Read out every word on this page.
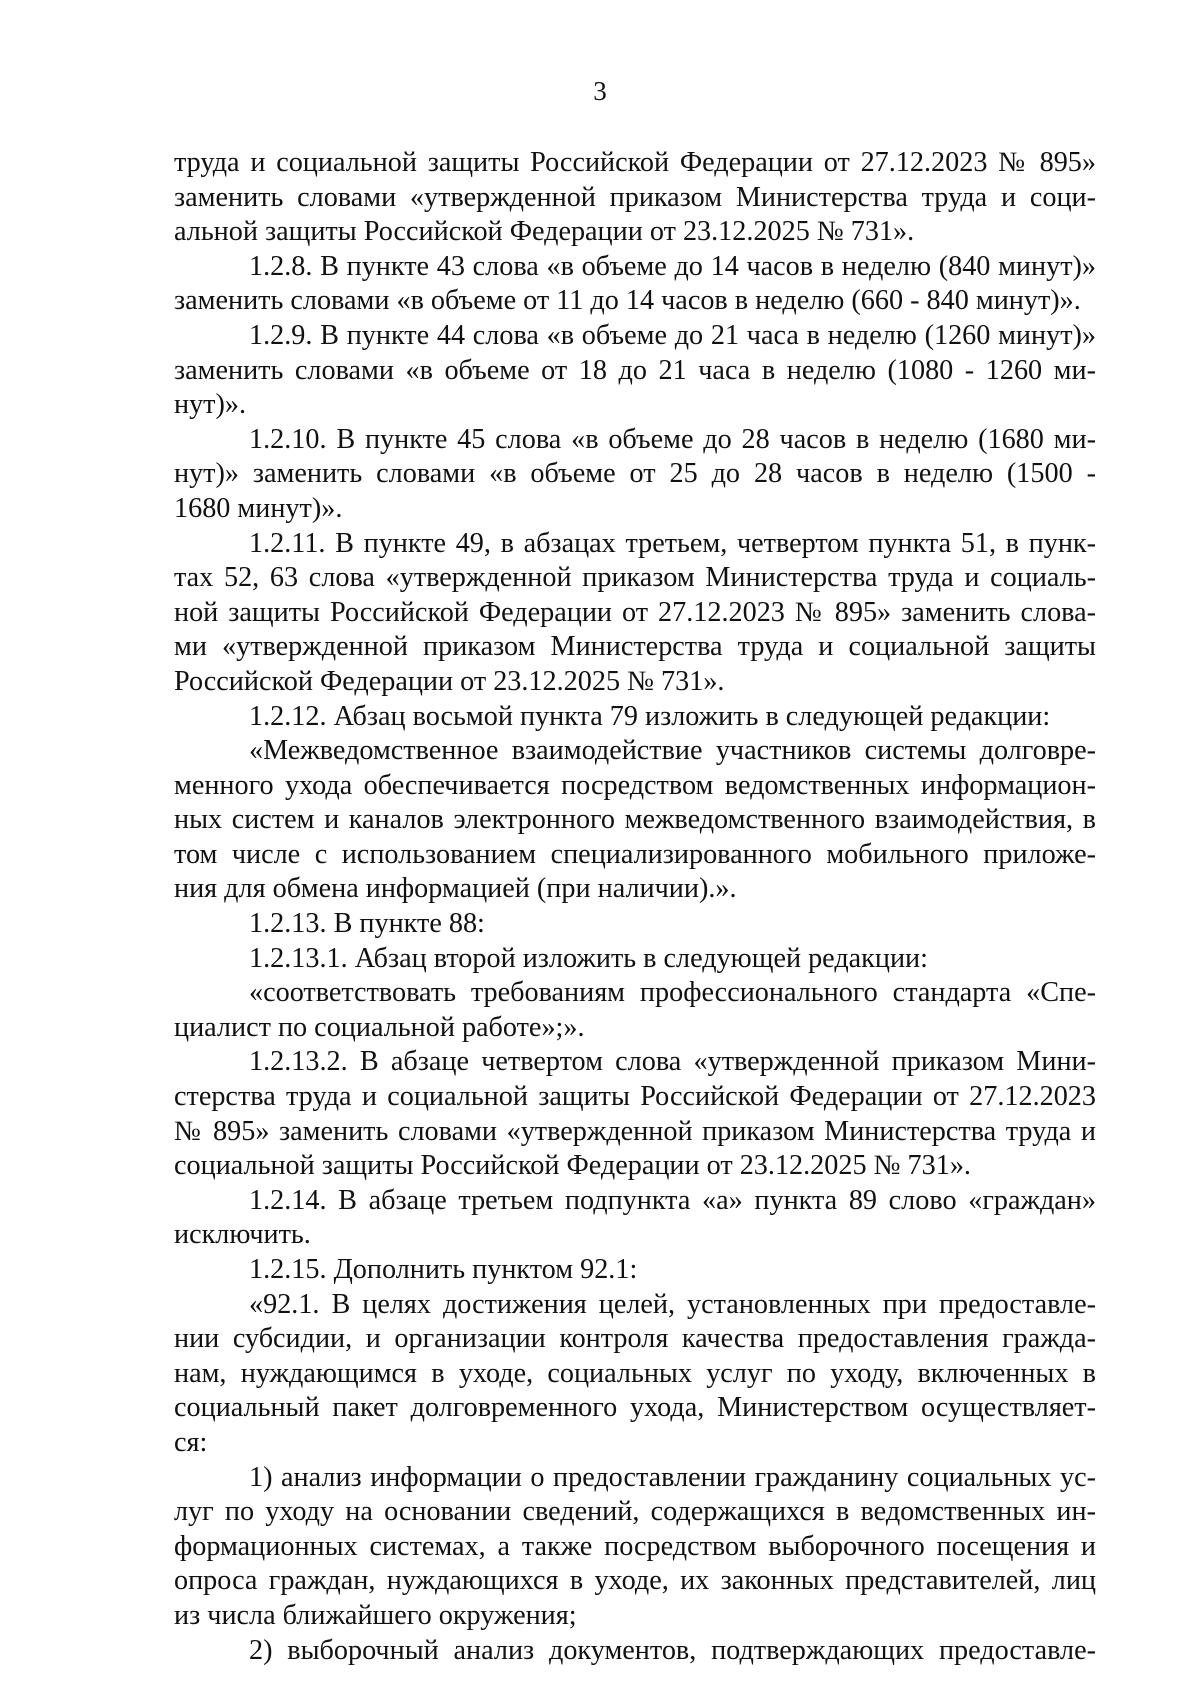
3

труда и социальной защиты Российской Федерации от 27.12.2023 № 895»

заменить словами «утвержденной приказом Министерства труда и соци-

альной защиты Российской Федерации от 23.12.2025 № 731».

1.2.8. В пункте 43 слова «в объеме до 14 часов в неделю (840 минут)»

заменить словами «в объеме от 11 до 14 часов в неделю (660 - 840 минут)».

1.2.9. В пункте 44 слова «в объеме до 21 часа в неделю (1260 минут)»

заменить словами «в объеме от 18 до 21 часа в неделю (1080 - 1260 ми-

нут)».

1.2.10. В пункте 45 слова «в объеме до 28 часов в неделю (1680 ми-

нут)» заменить словами «в объеме от 25 до 28 часов в неделю (1500 -

1680 минут)».

1.2.11. В пункте 49, в абзацах третьем, четвертом пункта 51, в пунк-

тах 52, 63 слова «утвержденной приказом Министерства труда и социаль-

ной защиты Российской Федерации от 27.12.2023 № 895» заменить слова-

ми «утвержденной приказом Министерства труда и социальной защиты

Российской Федерации от 23.12.2025 № 731».

1.2.12. Абзац восьмой пункта 79 изложить в следующей редакции:

«Межведомственное взаимодействие участников системы долговре-

менного ухода обеспечивается посредством ведомственных информацион-

ных систем и каналов электронного межведомственного взаимодействия, в

том числе с использованием специализированного мобильного приложе-

ния для обмена информацией (при наличии).».

1.2.13. В пункте 88:

1.2.13.1. Абзац второй изложить в следующей редакции:

«соответствовать требованиям профессионального стандарта «Спе-

циалист по социальной работе»;».

1.2.13.2. В абзаце четвертом слова «утвержденной приказом Мини-

стерства труда и социальной защиты Российской Федерации от 27.12.2023

№ 895» заменить словами «утвержденной приказом Министерства труда и

социальной защиты Российской Федерации от 23.12.2025 № 731».

1.2.14. В абзаце третьем подпункта «а» пункта 89 слово «граждан»

исключить.

1.2.15. Дополнить пунктом 92.1:

«92.1. В целях достижения целей, установленных при предоставле-

нии субсидии, и организации контроля качества предоставления гражда-

нам, нуждающимся в уходе, социальных услуг по уходу, включенных в

социальный пакет долговременного ухода, Министерством осуществляет-

ся:

1) анализ информации о предоставлении гражданину социальных ус-

луг по уходу на основании сведений, содержащихся в ведомственных ин-

формационных системах, а также посредством выборочного посещения и

опроса граждан, нуждающихся в уходе, их законных представителей, лиц

из числа ближайшего окружения;

2) выборочный анализ документов, подтверждающих предоставле-
